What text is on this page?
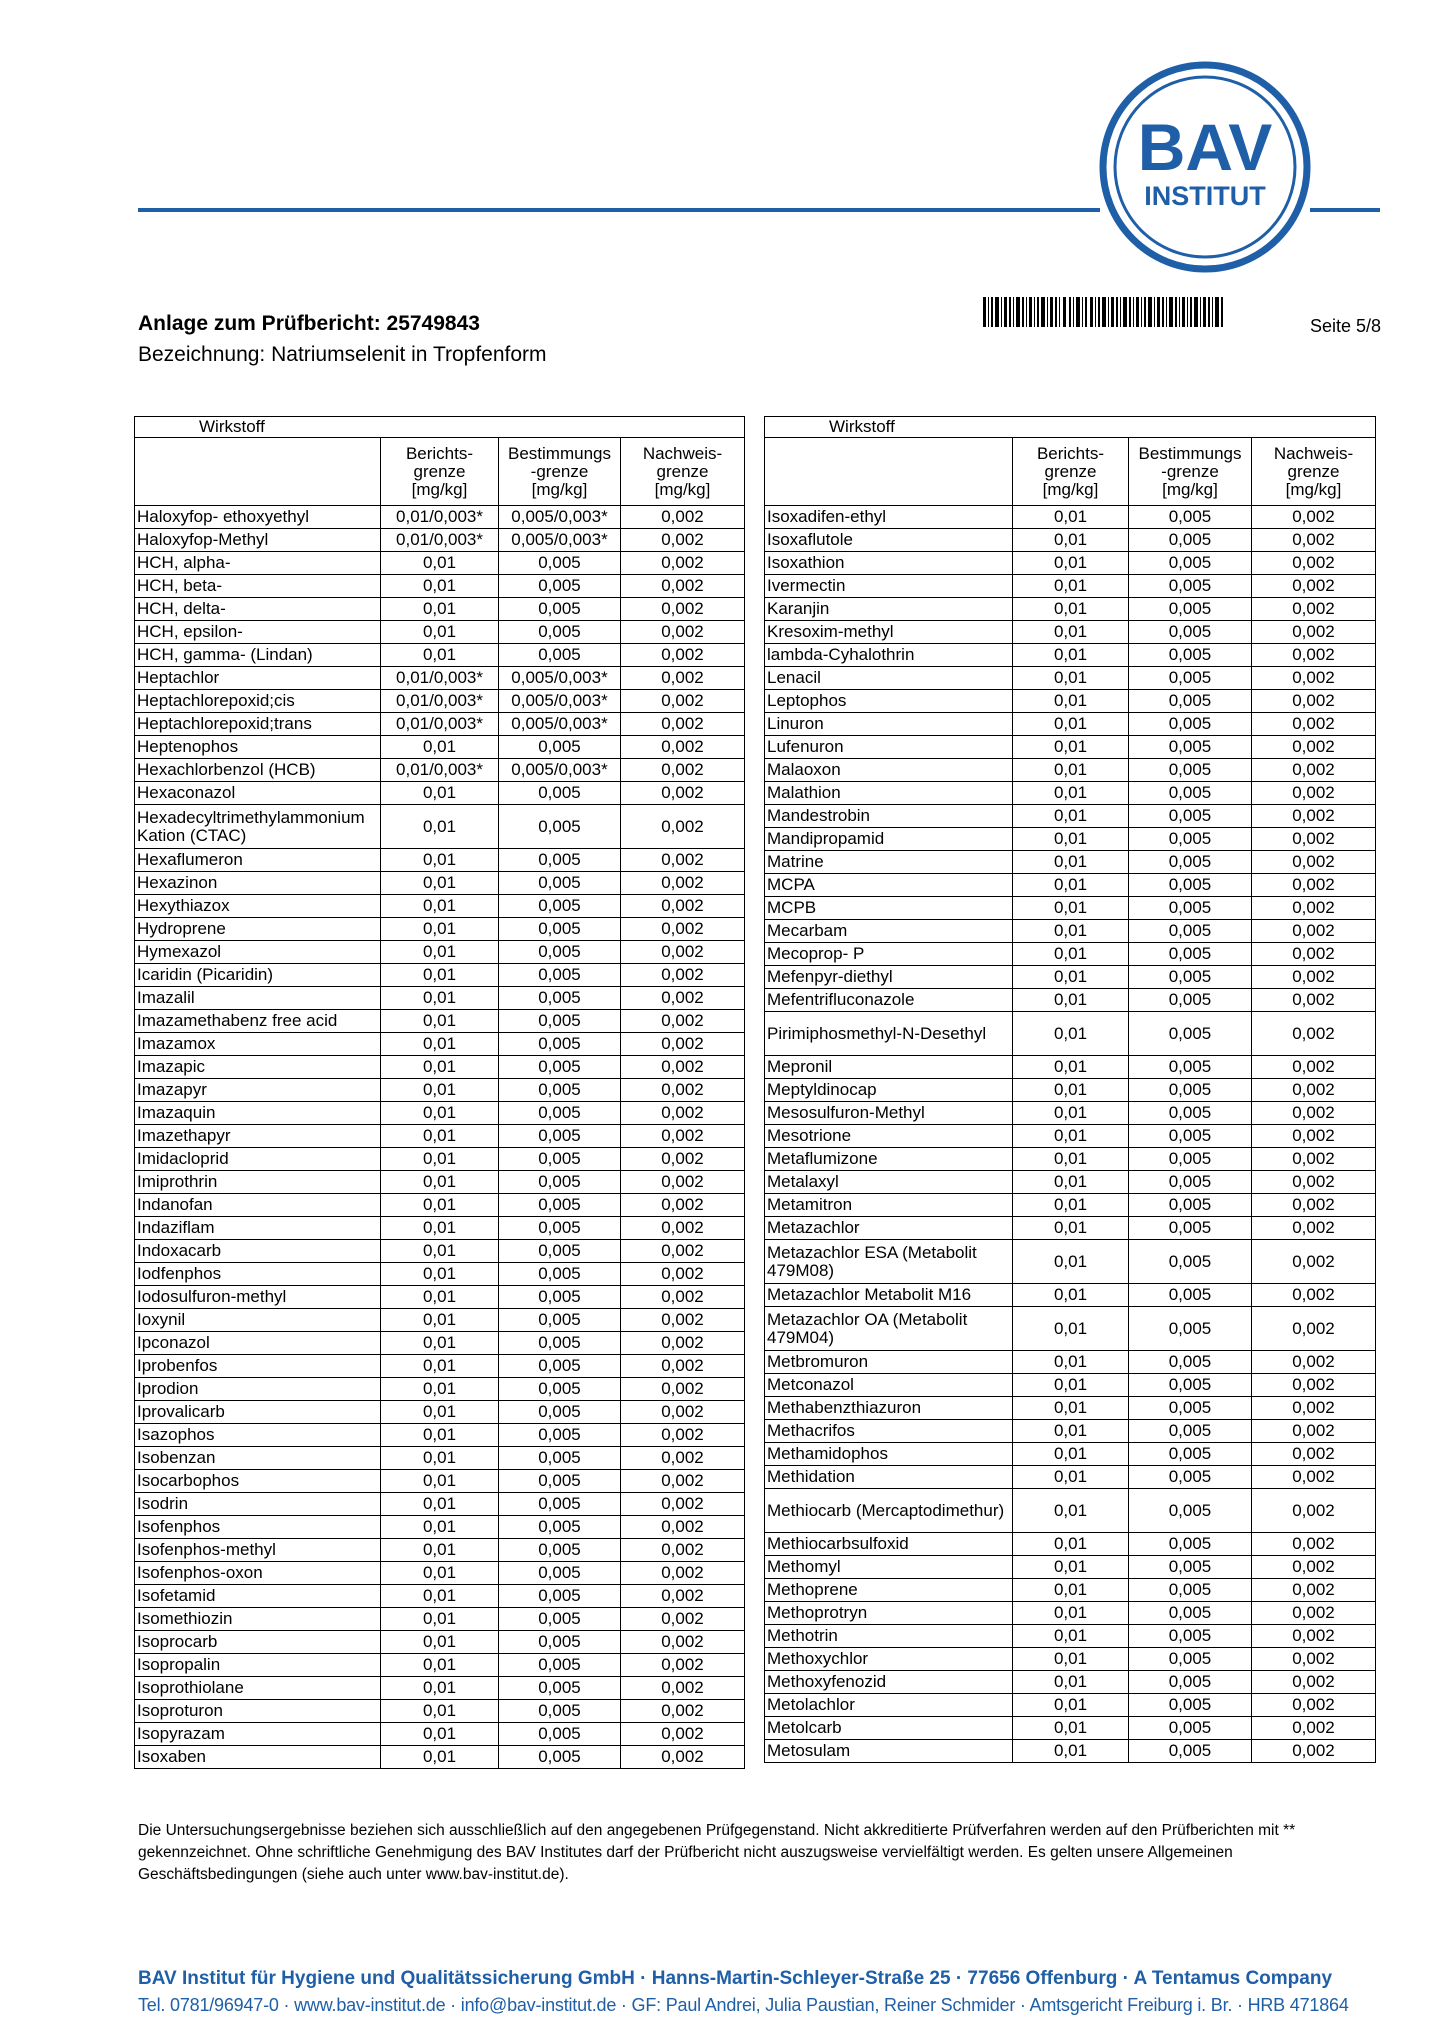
BAV
INSTITUT
Anlage zum Prüfbericht: 25749843
Bezeichnung: Natriumselenit in Tropfenform
Seite 5/8
Wirkstoff			
	Berichts-
grenze
[mg/kg]	Bestimmungs
-grenze
[mg/kg]	Nachweis-
grenze
[mg/kg]
Haloxyfop- ethoxyethyl	0,01/0,003*	0,005/0,003*	0,002
Haloxyfop-Methyl	0,01/0,003*	0,005/0,003*	0,002
HCH, alpha-	0,01	0,005	0,002
HCH, beta-	0,01	0,005	0,002
HCH, delta-	0,01	0,005	0,002
HCH, epsilon-	0,01	0,005	0,002
HCH, gamma- (Lindan)	0,01	0,005	0,002
Heptachlor	0,01/0,003*	0,005/0,003*	0,002
Heptachlorepoxid;cis	0,01/0,003*	0,005/0,003*	0,002
Heptachlorepoxid;trans	0,01/0,003*	0,005/0,003*	0,002
Heptenophos	0,01	0,005	0,002
Hexachlorbenzol (HCB)	0,01/0,003*	0,005/0,003*	0,002
Hexaconazol	0,01	0,005	0,002
Hexadecyltrimethylammonium Kation (CTAC)	0,01	0,005	0,002
Hexaflumeron	0,01	0,005	0,002
Hexazinon	0,01	0,005	0,002
Hexythiazox	0,01	0,005	0,002
Hydroprene	0,01	0,005	0,002
Hymexazol	0,01	0,005	0,002
Icaridin (Picaridin)	0,01	0,005	0,002
Imazalil	0,01	0,005	0,002
Imazamethabenz free acid	0,01	0,005	0,002
Imazamox	0,01	0,005	0,002
Imazapic	0,01	0,005	0,002
Imazapyr	0,01	0,005	0,002
Imazaquin	0,01	0,005	0,002
Imazethapyr	0,01	0,005	0,002
Imidacloprid	0,01	0,005	0,002
Imiprothrin	0,01	0,005	0,002
Indanofan	0,01	0,005	0,002
Indaziflam	0,01	0,005	0,002
Indoxacarb	0,01	0,005	0,002
Iodfenphos	0,01	0,005	0,002
Iodosulfuron-methyl	0,01	0,005	0,002
Ioxynil	0,01	0,005	0,002
Ipconazol	0,01	0,005	0,002
Iprobenfos	0,01	0,005	0,002
Iprodion	0,01	0,005	0,002
Iprovalicarb	0,01	0,005	0,002
Isazophos	0,01	0,005	0,002
Isobenzan	0,01	0,005	0,002
Isocarbophos	0,01	0,005	0,002
Isodrin	0,01	0,005	0,002
Isofenphos	0,01	0,005	0,002
Isofenphos-methyl	0,01	0,005	0,002
Isofenphos-oxon	0,01	0,005	0,002
Isofetamid	0,01	0,005	0,002
Isomethiozin	0,01	0,005	0,002
Isoprocarb	0,01	0,005	0,002
Isopropalin	0,01	0,005	0,002
Isoprothiolane	0,01	0,005	0,002
Isoproturon	0,01	0,005	0,002
Isopyrazam	0,01	0,005	0,002
Isoxaben	0,01	0,005	0,002
Wirkstoff			
	Berichts-
grenze
[mg/kg]	Bestimmungs
-grenze
[mg/kg]	Nachweis-
grenze
[mg/kg]
Isoxadifen-ethyl	0,01	0,005	0,002
Isoxaflutole	0,01	0,005	0,002
Isoxathion	0,01	0,005	0,002
Ivermectin	0,01	0,005	0,002
Karanjin	0,01	0,005	0,002
Kresoxim-methyl	0,01	0,005	0,002
lambda-Cyhalothrin	0,01	0,005	0,002
Lenacil	0,01	0,005	0,002
Leptophos	0,01	0,005	0,002
Linuron	0,01	0,005	0,002
Lufenuron	0,01	0,005	0,002
Malaoxon	0,01	0,005	0,002
Malathion	0,01	0,005	0,002
Mandestrobin	0,01	0,005	0,002
Mandipropamid	0,01	0,005	0,002
Matrine	0,01	0,005	0,002
MCPA	0,01	0,005	0,002
MCPB	0,01	0,005	0,002
Mecarbam	0,01	0,005	0,002
Mecoprop- P	0,01	0,005	0,002
Mefenpyr-diethyl	0,01	0,005	0,002
Mefentrifluconazole	0,01	0,005	0,002
Pirimiphosmethyl-N-Desethyl	0,01	0,005	0,002
Mepronil	0,01	0,005	0,002
Meptyldinocap	0,01	0,005	0,002
Mesosulfuron-Methyl	0,01	0,005	0,002
Mesotrione	0,01	0,005	0,002
Metaflumizone	0,01	0,005	0,002
Metalaxyl	0,01	0,005	0,002
Metamitron	0,01	0,005	0,002
Metazachlor	0,01	0,005	0,002
Metazachlor ESA (Metabolit 479M08)	0,01	0,005	0,002
Metazachlor Metabolit M16	0,01	0,005	0,002
Metazachlor OA (Metabolit 479M04)	0,01	0,005	0,002
Metbromuron	0,01	0,005	0,002
Metconazol	0,01	0,005	0,002
Methabenzthiazuron	0,01	0,005	0,002
Methacrifos	0,01	0,005	0,002
Methamidophos	0,01	0,005	0,002
Methidation	0,01	0,005	0,002
Methiocarb (Mercaptodimethur)	0,01	0,005	0,002
Methiocarbsulfoxid	0,01	0,005	0,002
Methomyl	0,01	0,005	0,002
Methoprene	0,01	0,005	0,002
Methoprotryn	0,01	0,005	0,002
Methotrin	0,01	0,005	0,002
Methoxychlor	0,01	0,005	0,002
Methoxyfenozid	0,01	0,005	0,002
Metolachlor	0,01	0,005	0,002
Metolcarb	0,01	0,005	0,002
Metosulam	0,01	0,005	0,002
Die Untersuchungsergebnisse beziehen sich ausschließlich auf den angegebenen Prüfgegenstand. Nicht akkreditierte Prüfverfahren werden auf den Prüfberichten mit ** gekennzeichnet. Ohne schriftliche Genehmigung des BAV Institutes darf der Prüfbericht nicht auszugsweise vervielfältigt werden. Es gelten unsere Allgemeinen Geschäftsbedingungen (siehe auch unter www.bav-institut.de).
BAV Institut für Hygiene und Qualitätssicherung GmbH · Hanns-Martin-Schleyer-Straße 25 · 77656 Offenburg · A Tentamus Company
Tel. 0781/96947-0 · www.bav-institut.de · info@bav-institut.de · GF: Paul Andrei, Julia Paustian, Reiner Schmider · Amtsgericht Freiburg i. Br. · HRB 471864
